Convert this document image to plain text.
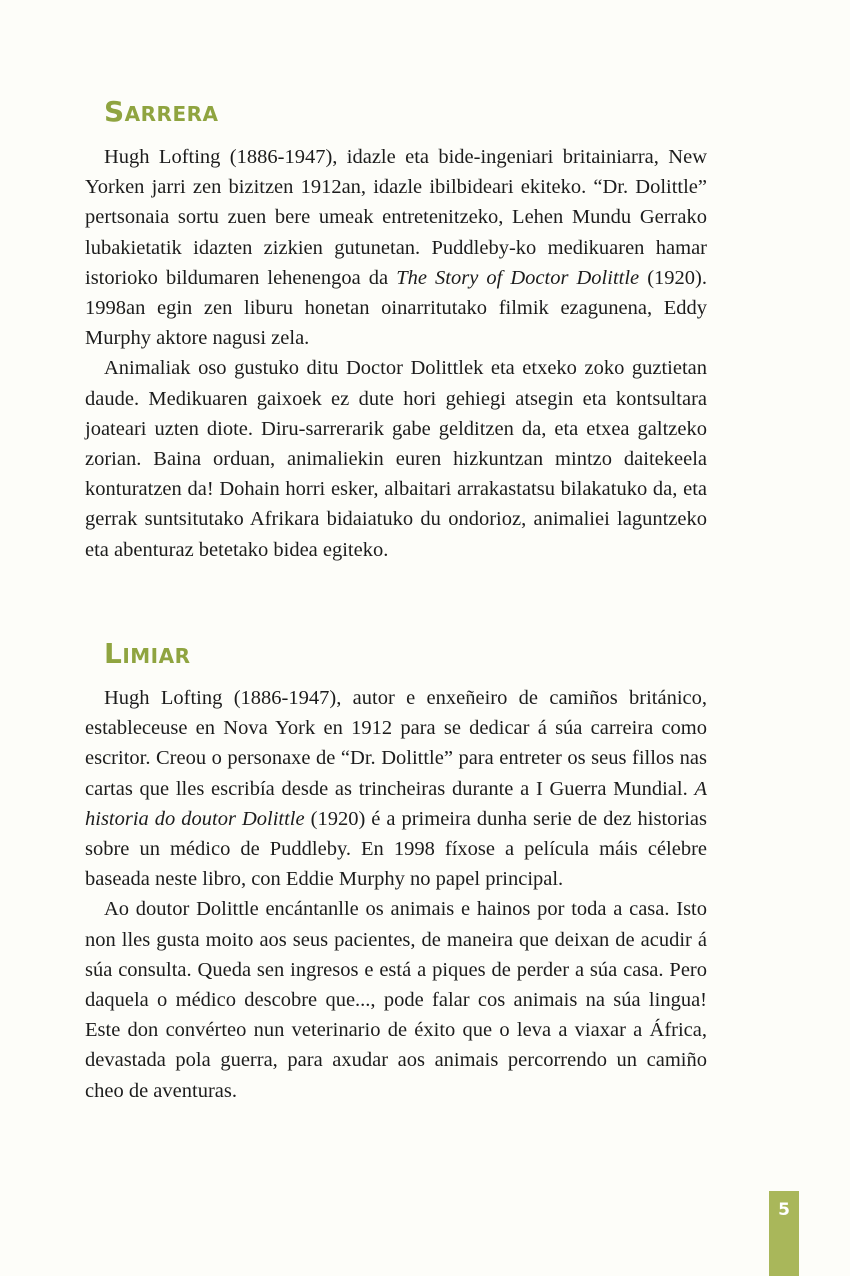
Sarrera

Hugh Lofting (1886-1947), idazle eta bide-ingeniari britainiarra, New Yorken jarri zen bizitzen 1912an, idazle ibilbideari ekiteko. “Dr. Dolittle” pertsonaia sortu zuen bere umeak entretenitzeko, Lehen Mundu Gerrako lubakietatik idazten zizkien gutunetan. Puddleby-ko medikuaren hamar istorioko bildumaren lehenengoa da The Story of Doctor Dolittle (1920). 1998an egin zen liburu honetan oinarritutako filmik ezagunena, Eddy Murphy aktore nagusi zela.

Animaliak oso gustuko ditu Doctor Dolittlek eta etxeko zoko guztietan daude. Medikuaren gaixoek ez dute hori gehiegi atsegin eta kontsultara joateari uzten diote. Diru-sarrerarik gabe gelditzen da, eta etxea galtzeko zorian. Baina orduan, animaliekin euren hizkuntzan mintzo daitekeela konturatzen da! Dohain horri esker, albaitari arrakastatsu bilakatuko da, eta gerrak suntsitutako Afrikara bidaiatuko du ondorioz, animaliei laguntzeko eta abenturaz betetako bidea egiteko.

Limiar

Hugh Lofting (1886-1947), autor e enxeñeiro de camiños británico, estableceuse en Nova York en 1912 para se dedicar á súa carreira como escritor. Creou o personaxe de “Dr. Dolittle” para entreter os seus fillos nas cartas que lles escribía desde as trincheiras durante a I Guerra Mundial. A historia do doutor Dolittle (1920) é a primeira dunha serie de dez historias sobre un médico de Puddleby. En 1998 fíxose a película máis célebre baseada neste libro, con Eddie Murphy no papel principal.

Ao doutor Dolittle encántanlle os animais e hainos por toda a casa. Isto non lles gusta moito aos seus pacientes, de maneira que deixan de acudir á súa consulta. Queda sen ingresos e está a piques de perder a súa casa. Pero daquela o médico descobre que..., pode falar cos animais na súa lingua! Este don convérteo nun veterinario de éxito que o leva a viaxar a África, devastada pola guerra, para axudar aos animais percorrendo un camiño cheo de aventuras.

5
